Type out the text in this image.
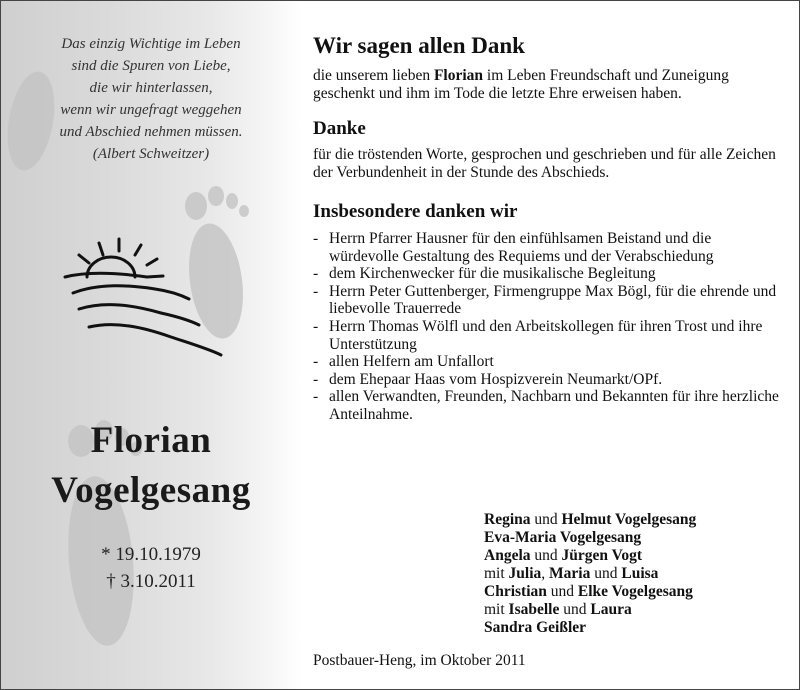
Das einzig Wichtige im Leben
sind die Spuren von Liebe,
die wir hinterlassen,
wenn wir ungefragt weggehen
und Abschied nehmen müssen.
(Albert Schweitzer)
Florian
Vogelgesang
* 19.10.1979
† 3.10.2011
Wir sagen allen Dank
die unserem lieben Florian im Leben Freundschaft und Zuneigung geschenkt und ihm im Tode die letzte Ehre erweisen haben.
Danke
für die tröstenden Worte, gesprochen und geschrieben und für alle Zeichen der Verbundenheit in der Stunde des Abschieds.
Insbesondere danken wir
- Herrn Pfarrer Hausner für den einfühlsamen Beistand und die würdevolle Gestaltung des Requiems und der Verabschiedung
- dem Kirchenwecker für die musikalische Begleitung
- Herrn Peter Guttenberger, Firmengruppe Max Bögl, für die ehrende und liebevolle Trauerrede
- Herrn Thomas Wölfl und den Arbeitskollegen für ihren Trost und ihre Unterstützung
- allen Helfern am Unfallort
- dem Ehepaar Haas vom Hospizverein Neumarkt/OPf.
- allen Verwandten, Freunden, Nachbarn und Bekannten für ihre herzliche Anteilnahme.
Regina und Helmut Vogelgesang
Eva-Maria Vogelgesang
Angela und Jürgen Vogt
mit Julia, Maria und Luisa
Christian und Elke Vogelgesang
mit Isabelle und Laura
Sandra Geißler
Postbauer-Heng, im Oktober 2011
